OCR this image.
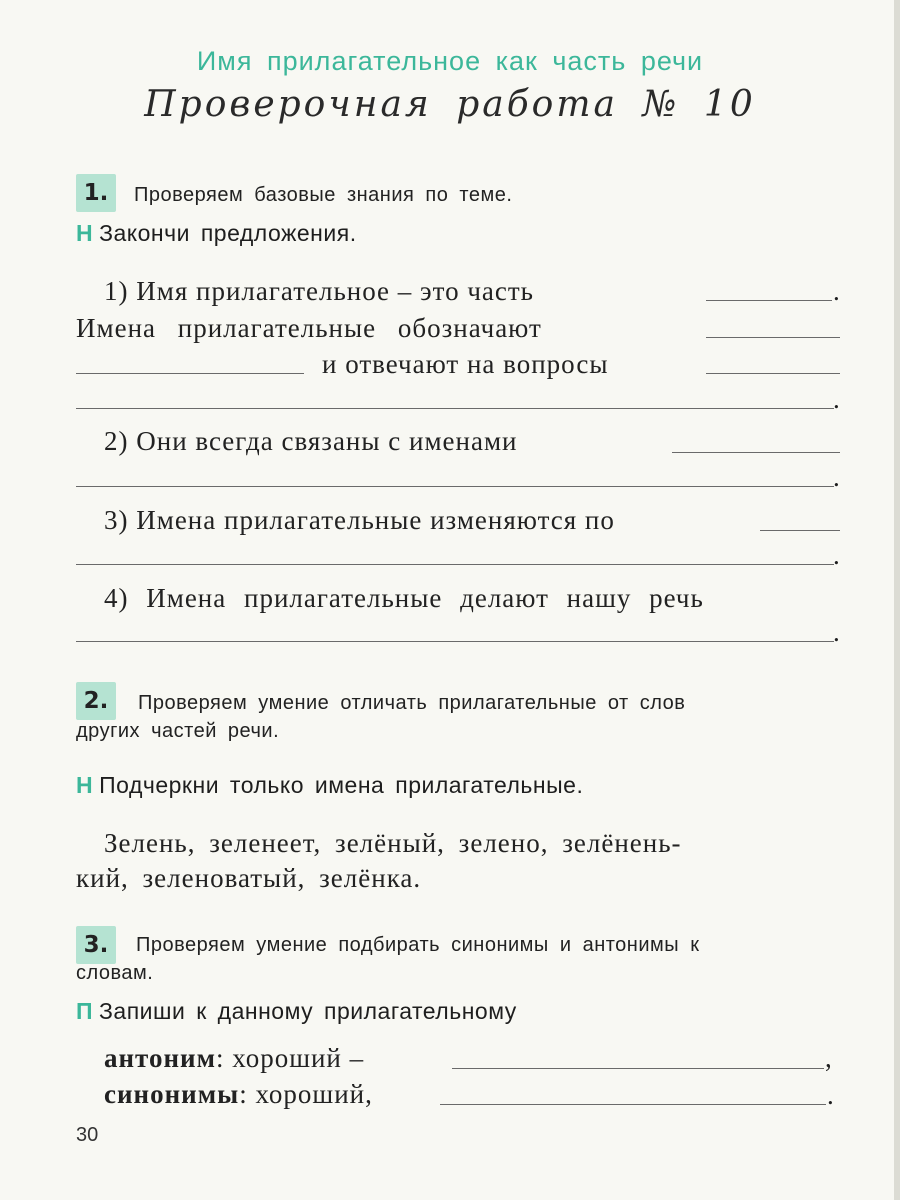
Имя прилагательное как часть речи
Проверочная работа № 10
1.	Проверяем базовые знания по теме.
Н Закончи предложения.
1) Имя прилагательное – это часть	.
Имена прилагательные обозначают
и отвечают на вопросы
.
2) Они всегда связаны с именами
.
3) Имена прилагательные изменяются по
.
4) Имена прилагательные делают нашу речь
.
2.	Проверяем умение отличать прилагательные от слов
других частей речи.
Н Подчеркни только имена прилагательные.
Зелень, зеленеет, зелёный, зелено, зелёнень-
кий, зеленоватый, зелёнка.
3.	Проверяем умение подбирать синонимы и антонимы к
словам.
П Запиши к данному прилагательному
антоним: хороший –	,
синонимы: хороший,	.
30
